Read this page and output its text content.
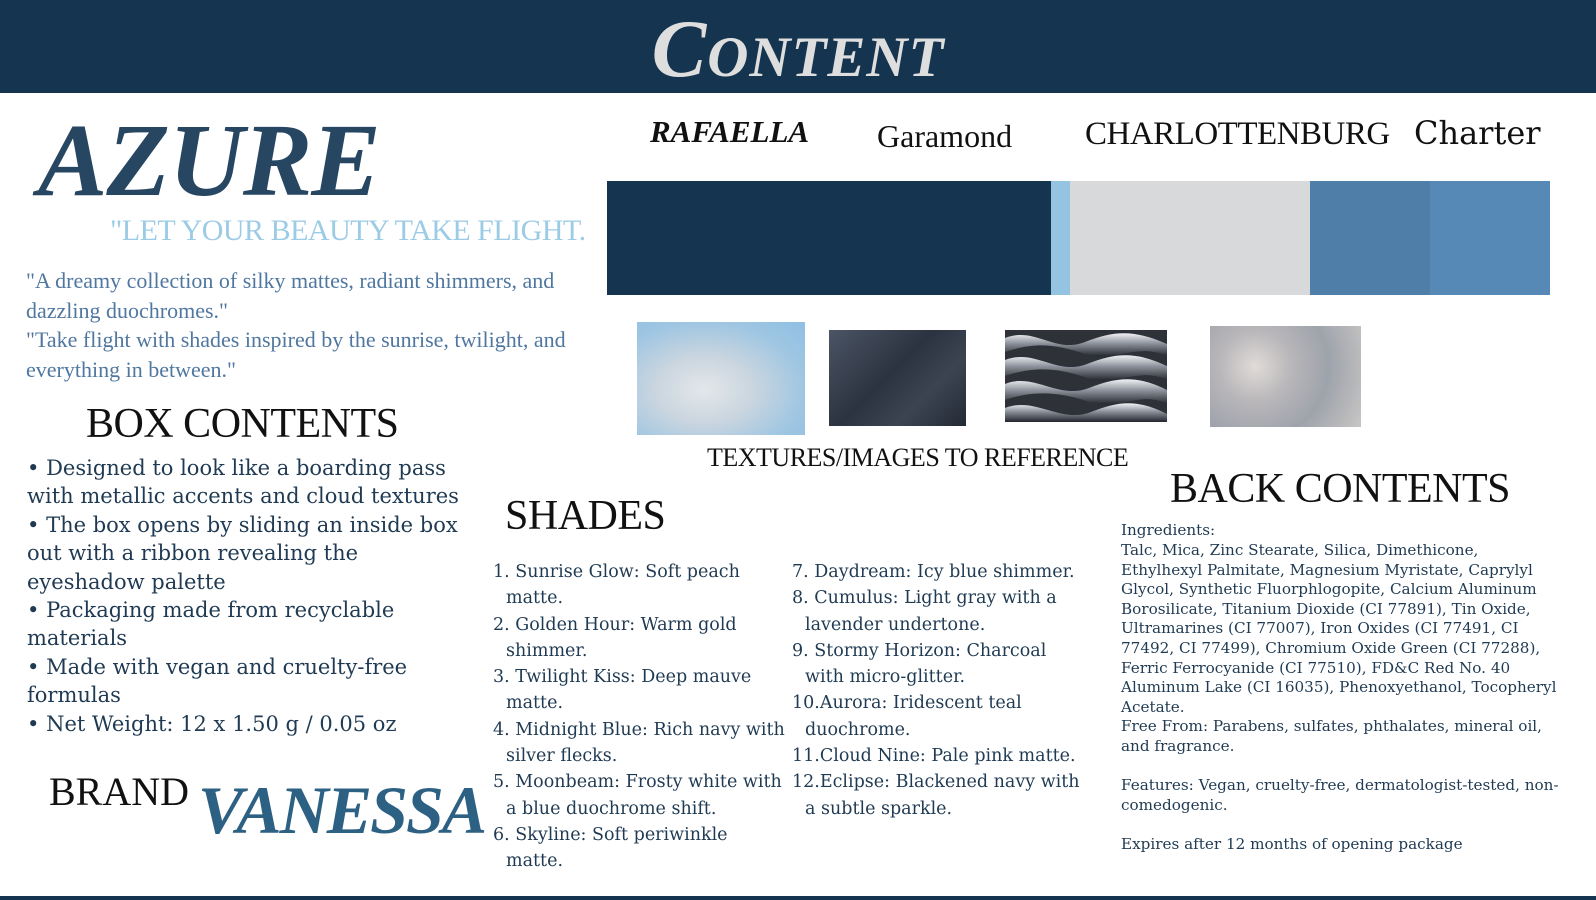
Content
AZURE
"LET YOUR BEAUTY TAKE FLIGHT.

"A dreamy collection of silky mattes, radiant shimmers, and dazzling duochromes."

"Take flight with shades inspired by the sunrise, twilight, and everything in between."

BOX CONTENTS
• Designed to look like a boarding pass with metallic accents and cloud textures
• The box opens by sliding an inside box out with a ribbon revealing the eyeshadow palette
• Packaging made from recyclable materials
• Made with vegan and cruelty-free formulas
• Net Weight: 12 x 1.50 g / 0.05 oz
BRAND VANESSA
RAFAELLA Garamond CHARLOTTENBURG Charter
TEXTURES/IMAGES TO REFERENCE
SHADES
1. Sunrise Glow: Soft peach matte.
2. Golden Hour: Warm gold shimmer.
3. Twilight Kiss: Deep mauve matte.
4. Midnight Blue: Rich navy with silver flecks.
5. Moonbeam: Frosty white with a blue duochrome shift.
6. Skyline: Soft periwinkle matte.
7. Daydream: Icy blue shimmer.
8. Cumulus: Light gray with a lavender undertone.
9. Stormy Horizon: Charcoal with micro-glitter.
10.Aurora: Iridescent teal duochrome.
11.Cloud Nine: Pale pink matte.
12.Eclipse: Blackened navy with a subtle sparkle.
BACK CONTENTS

Ingredients:

Talc, Mica, Zinc Stearate, Silica, Dimethicone, Ethylhexyl Palmitate, Magnesium Myristate, Caprylyl Glycol, Synthetic Fluorphlogopite, Calcium Aluminum Borosilicate, Titanium Dioxide (CI 77891), Tin Oxide, Ultramarines (CI 77007), Iron Oxides (CI 77491, CI 77492, CI 77499), Chromium Oxide Green (CI 77288), Ferric Ferrocyanide (CI 77510), FD&C Red No. 40 Aluminum Lake (CI 16035), Phenoxyethanol, Tocopheryl Acetate.

Free From: Parabens, sulfates, phthalates, mineral oil, and fragrance.

Features: Vegan, cruelty-free, dermatologist-tested, non-comedogenic.

Expires after 12 months of opening package
